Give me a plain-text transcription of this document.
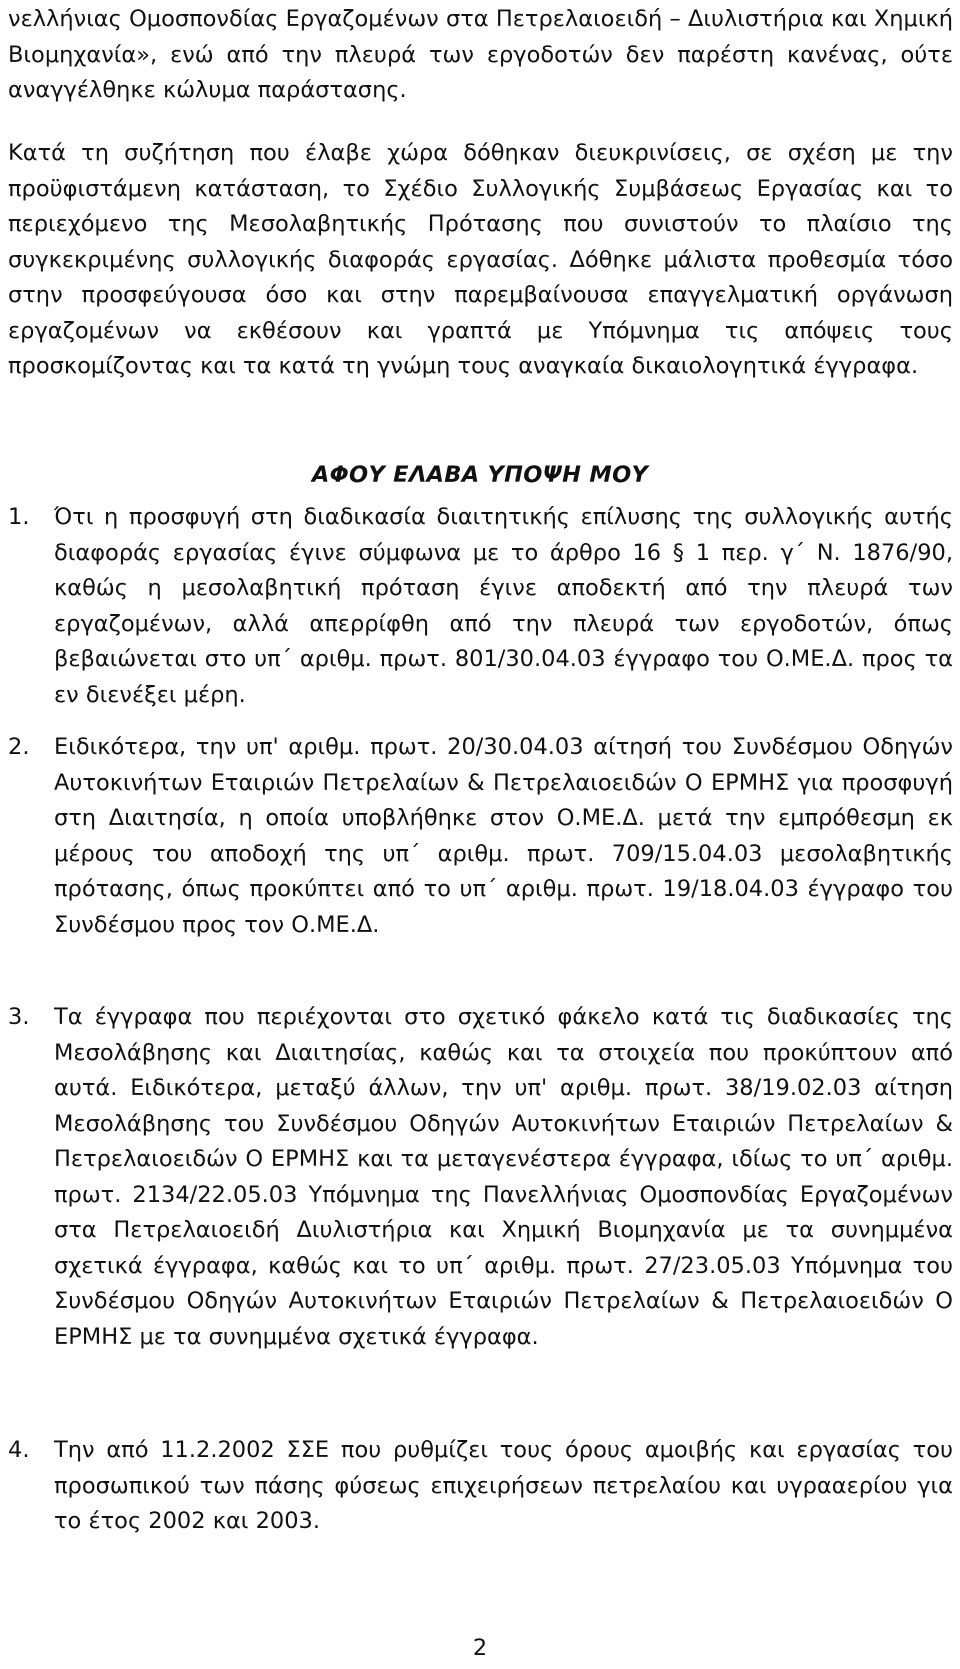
νελλήνιας Ομοσπονδίας Εργαζομένων στα Πετρελαιοειδή – Διυλιστήρια και Χημική Βιομηχανία», ενώ από την πλευρά των εργοδοτών δεν παρέστη κανένας, ούτε αναγγέλθηκε κώλυμα παράστασης.

Κατά τη συζήτηση που έλαβε χώρα δόθηκαν διευκρινίσεις, σε σχέση με την προϋφιστάμενη κατάσταση, το Σχέδιο Συλλογικής Συμβάσεως Εργασίας και το περιεχόμενο της Μεσολαβητικής Πρότασης που συνιστούν το πλαίσιο της συγκεκριμένης συλλογικής διαφοράς εργασίας. Δόθηκε μάλιστα προθεσμία τόσο στην προσφεύγουσα όσο και στην παρεμβαίνουσα επαγγελματική οργάνωση εργαζομένων να εκθέσουν και γραπτά με Υπόμνημα τις απόψεις τους προσκομίζοντας και τα κατά τη γνώμη τους αναγκαία δικαιολογητικά έγγραφα.

ΑΦΟΥ ΕΛΑΒΑ ΥΠΟΨΗ ΜΟΥ

1.	Ότι η προσφυγή στη διαδικασία διαιτητικής επίλυσης της συλλογικής αυτής διαφοράς εργασίας έγινε σύμφωνα με το άρθρο 16 § 1 περ. γ΄ Ν. 1876/90, καθώς η μεσολαβητική πρόταση έγινε αποδεκτή από την πλευρά των εργαζομένων, αλλά απερρίφθη από την πλευρά των εργοδοτών, όπως βεβαιώνεται στο υπ΄ αριθμ. πρωτ. 801/30.04.03 έγγραφο του Ο.ΜΕ.Δ. προς τα εν διενέξει μέρη.

2.	Ειδικότερα, την υπ' αριθμ. πρωτ. 20/30.04.03 αίτησή του Συνδέσμου Οδηγών Αυτοκινήτων Εταιριών Πετρελαίων & Πετρελαιοειδών Ο ΕΡΜΗΣ για προσφυγή στη Διαιτησία, η οποία υποβλήθηκε στον Ο.ΜΕ.Δ. μετά την εμπρόθεσμη εκ μέρους του αποδοχή της υπ΄ αριθμ. πρωτ. 709/15.04.03 μεσολαβητικής πρότασης, όπως προκύπτει από το υπ΄ αριθμ. πρωτ. 19/18.04.03 έγγραφο του Συνδέσμου προς τον Ο.ΜΕ.Δ.

3.	Τα έγγραφα που περιέχονται στο σχετικό φάκελο κατά τις διαδικασίες της Μεσολάβησης και Διαιτησίας, καθώς και τα στοιχεία που προκύπτουν από αυτά. Ειδικότερα, μεταξύ άλλων, την υπ' αριθμ. πρωτ. 38/19.02.03 αίτηση Μεσολάβησης του Συνδέσμου Οδηγών Αυτοκινήτων Εταιριών Πετρελαίων & Πετρελαιοειδών Ο ΕΡΜΗΣ και τα μεταγενέστερα έγγραφα, ιδίως το υπ΄ αριθμ. πρωτ. 2134/22.05.03 Υπόμνημα της Πανελλήνιας Ομοσπονδίας Εργαζομένων στα Πετρελαιοειδή Διυλιστήρια και Χημική Βιομηχανία με τα συνημμένα σχετικά έγγραφα, καθώς και το υπ΄ αριθμ. πρωτ. 27/23.05.03 Υπόμνημα του Συνδέσμου Οδηγών Αυτοκινήτων Εταιριών Πετρελαίων & Πετρελαιοειδών Ο ΕΡΜΗΣ με τα συνημμένα σχετικά έγγραφα.

4.	Την από 11.2.2002 ΣΣΕ που ρυθμίζει τους όρους αμοιβής και εργασίας του προσωπικού των πάσης φύσεως επιχειρήσεων πετρελαίου και υγρααερίου για το έτος 2002 και 2003.

2
